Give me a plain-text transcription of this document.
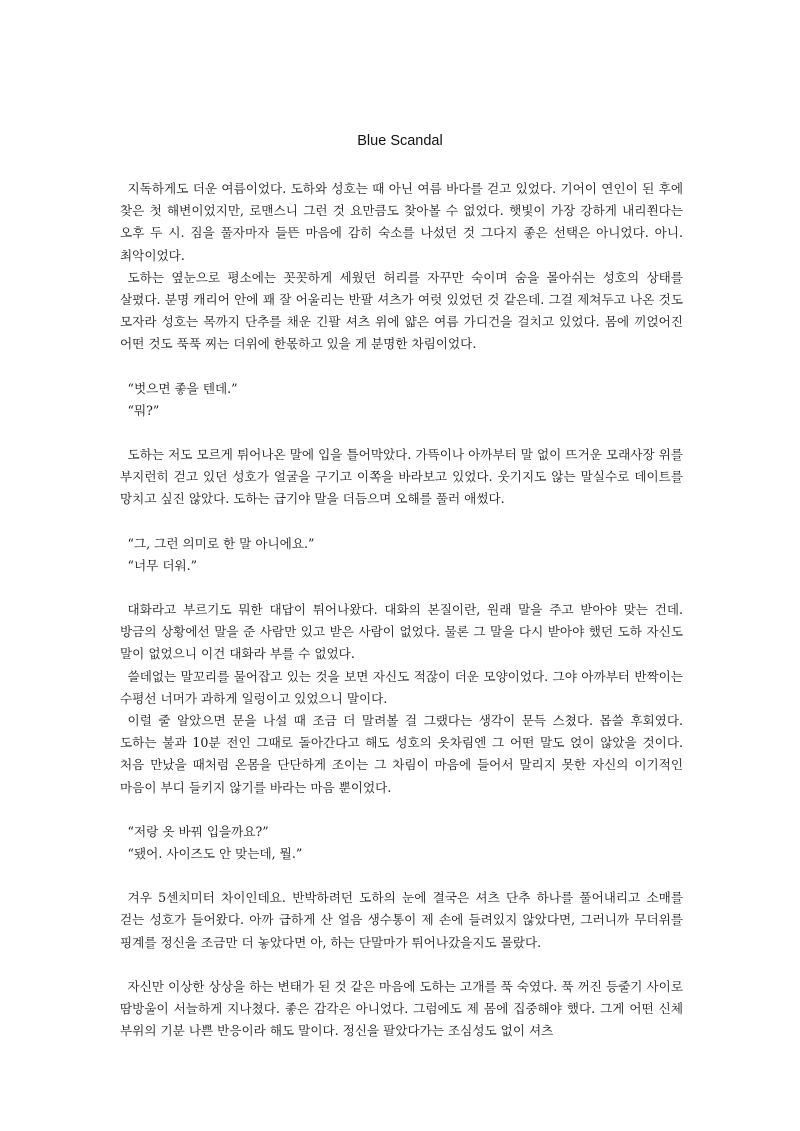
Blue Scandal

지독하게도 더운 여름이었다. 도하와 성호는 때 아닌 여름 바다를 걷고 있었다. 기어이 연인이 된 후에 찾은 첫 해변이었지만, 로맨스니 그런 것 요만큼도 찾아볼 수 없었다. 햇빛이 가장 강하게 내리쬔다는 오후 두 시. 짐을 풀자마자 들뜬 마음에 감히 숙소를 나섰던 것 그다지 좋은 선택은 아니었다. 아니. 최악이었다.

도하는 옆눈으로 평소에는 꼿꼿하게 세웠던 허리를 자꾸만 숙이며 숨을 몰아쉬는 성호의 상태를 살폈다. 분명 캐리어 안에 꽤 잘 어울리는 반팔 셔츠가 여럿 있었던 것 같은데. 그걸 제쳐두고 나온 것도 모자라 성호는 목까지 단추를 채운 긴팔 셔츠 위에 얇은 여름 가디건을 걸치고 있었다. 몸에 끼얹어진 어떤 것도 푹푹 찌는 더위에 한몫하고 있을 게 분명한 차림이었다.

“벗으면 좋을 텐데.”

“뭐?”

도하는 저도 모르게 튀어나온 말에 입을 틀어막았다. 가뜩이나 아까부터 말 없이 뜨거운 모래사장 위를 부지런히 걷고 있던 성호가 얼굴을 구기고 이쪽을 바라보고 있었다. 웃기지도 않는 말실수로 데이트를 망치고 싶진 않았다. 도하는 급기야 말을 더듬으며 오해를 풀러 애썼다.

“그, 그런 의미로 한 말 아니에요.”

“너무 더워.”

대화라고 부르기도 뭐한 대답이 튀어나왔다. 대화의 본질이란, 원래 말을 주고 받아야 맞는 건데. 방금의 상황에선 말을 준 사람만 있고 받은 사람이 없었다. 물론 그 말을 다시 받아야 했던 도하 자신도 말이 없었으니 이건 대화라 부를 수 없었다.

쓸데없는 말꼬리를 물어잡고 있는 것을 보면 자신도 적잖이 더운 모양이었다. 그야 아까부터 반짝이는 수평선 너머가 과하게 일렁이고 있었으니 말이다.

이럴 줄 알았으면 문을 나설 때 조금 더 말려볼 걸 그랬다는 생각이 문득 스쳤다. 몹쓸 후회였다. 도하는 불과 10분 전인 그때로 돌아간다고 해도 성호의 옷차림엔 그 어떤 말도 얹이 않았을 것이다. 처음 만났을 때처럼 온몸을 단단하게 조이는 그 차림이 마음에 들어서 말리지 못한 자신의 이기적인 마음이 부디 들키지 않기를 바라는 마음 뿐이었다.

“저랑 옷 바꿔 입을까요?”

“됐어. 사이즈도 안 맞는데, 뭘.”

겨우 5센치미터 차이인데요. 반박하려던 도하의 눈에 결국은 셔츠 단추 하나를 풀어내리고 소매를 걷는 성호가 들어왔다. 아까 급하게 산 얼음 생수통이 제 손에 들려있지 않았다면, 그러니까 무더위를 핑계를 정신을 조금만 더 놓았다면 아, 하는 단말마가 튀어나갔을지도 몰랐다.

자신만 이상한 상상을 하는 변태가 된 것 같은 마음에 도하는 고개를 푹 숙였다. 푹 꺼진 등줄기 사이로 땀방울이 서늘하게 지나쳤다. 좋은 감각은 아니었다. 그럼에도 제 몸에 집중해야 했다. 그게 어떤 신체 부위의 기분 나쁜 반응이라 해도 말이다. 정신을 팔았다가는 조심성도 없이 셔츠
